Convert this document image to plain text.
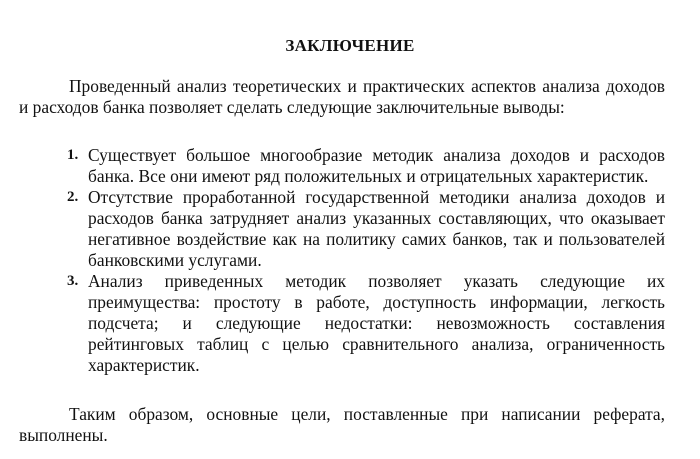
ЗАКЛЮЧЕНИЕ
Проведенный анализ теоретических и практических аспектов анализа доходов и расходов банка позволяет сделать следующие заключительные выводы:
1. Существует большое многообразие методик анализа доходов и расходов банка. Все они имеют ряд положительных и отрицательных характеристик.
2. Отсутствие проработанной государственной методики анализа доходов и расходов банка затрудняет анализ указанных составляющих, что оказывает негативное воздействие как на политику самих банков, так и пользователей банковскими услугами.
3. Анализ приведенных методик позволяет указать следующие их преимущества: простоту в работе, доступность информации, легкость подсчета; и следующие недостатки: невозможность составления рейтинговых таблиц с целью сравнительного анализа, ограниченность характеристик.
Таким образом, основные цели, поставленные при написании реферата, выполнены.
